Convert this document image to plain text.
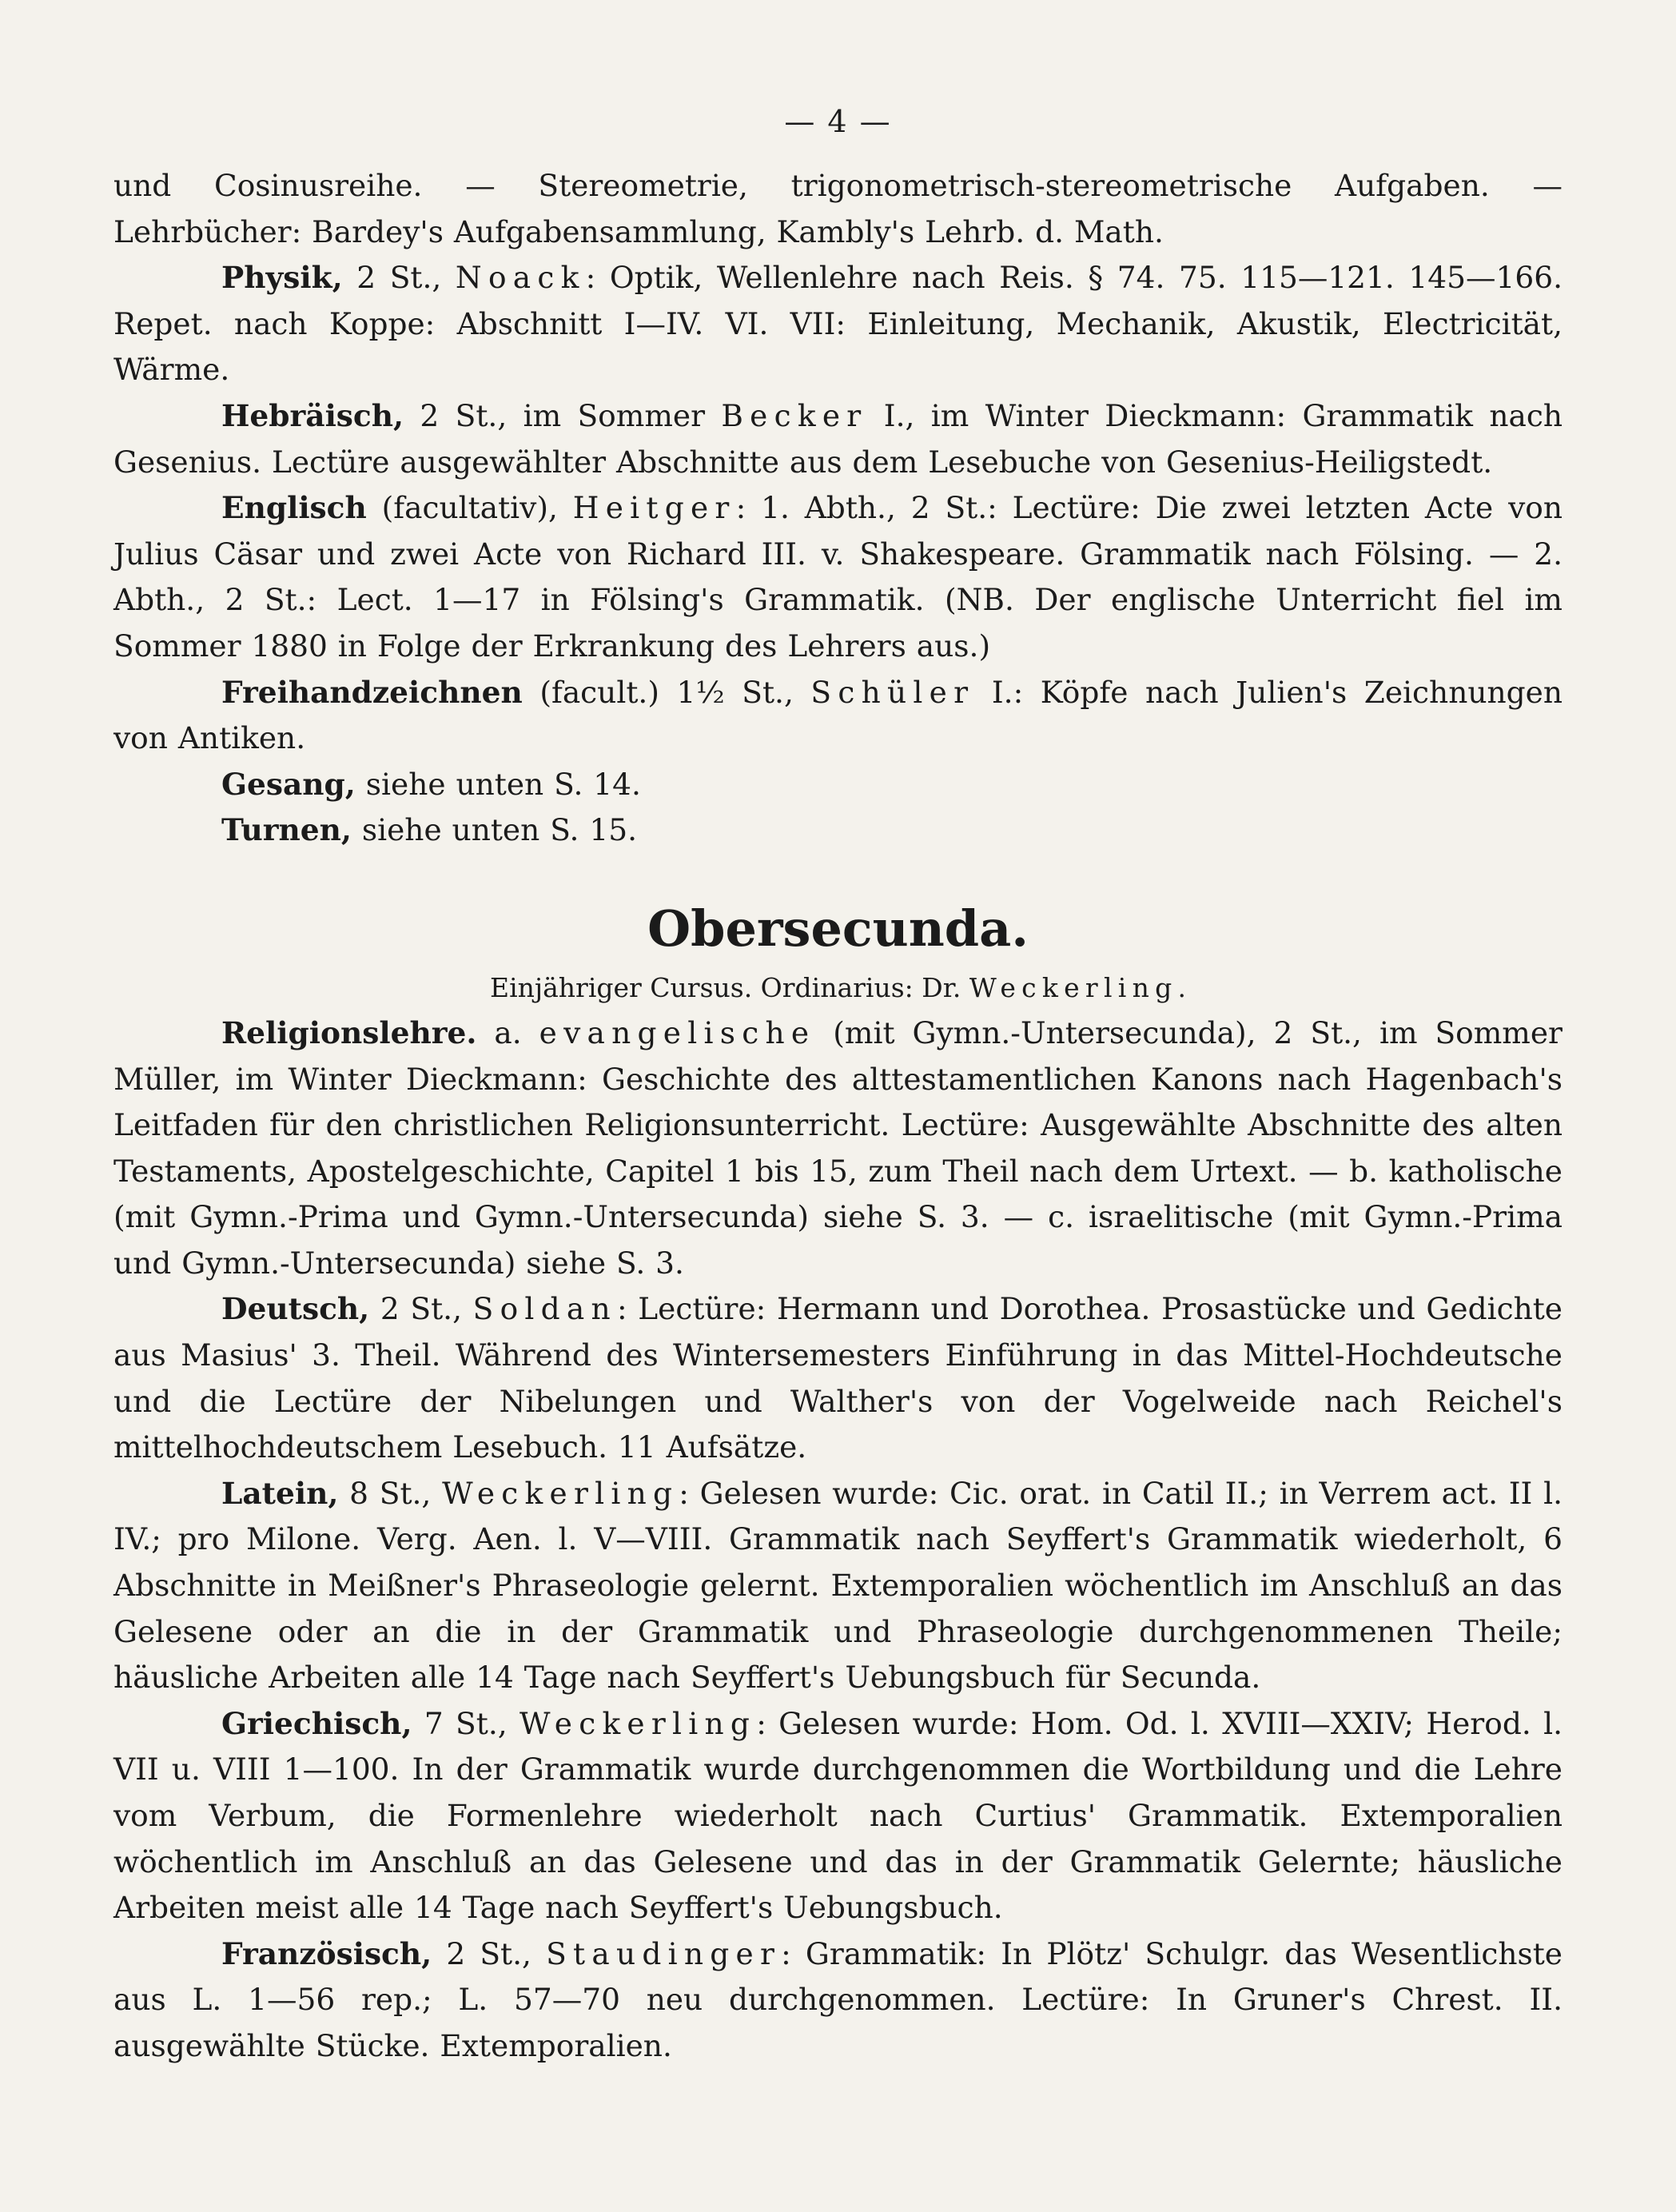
— 4 —

und Cosinusreihe. — Stereometrie, trigonometrisch-stereometrische Aufgaben. — Lehrbücher: Bardey's Aufgabensammlung, Kambly's Lehrb. d. Math.

Physik, 2 St., Noack: Optik, Wellenlehre nach Reis. § 74. 75. 115—121. 145—166. Repet. nach Koppe: Abschnitt I—IV. VI. VII: Einleitung, Mechanik, Akustik, Electricität, Wärme.

Hebräisch, 2 St., im Sommer Becker I., im Winter Dieckmann: Grammatik nach Gesenius. Lectüre ausgewählter Abschnitte aus dem Lesebuche von Gesenius-Heiligstedt.

Englisch (facultativ), Heitger: 1. Abth., 2 St.: Lectüre: Die zwei letzten Acte von Julius Cäsar und zwei Acte von Richard III. v. Shakespeare. Grammatik nach Fölsing. — 2. Abth., 2 St.: Lect. 1—17 in Fölsing's Grammatik. (NB. Der englische Unterricht fiel im Sommer 1880 in Folge der Erkrankung des Lehrers aus.)

Freihandzeichnen (facult.) 1½ St., Schüler I.: Köpfe nach Julien's Zeichnungen von Antiken.

Gesang, siehe unten S. 14.

Turnen, siehe unten S. 15.

Obersecunda.
Einjähriger Cursus. Ordinarius: Dr. Weckerling.

Religionslehre. a. evangelische (mit Gymn.-Untersecunda), 2 St., im Sommer Müller, im Winter Dieckmann: Geschichte des alttestamentlichen Kanons nach Hagenbach's Leitfaden für den christlichen Religionsunterricht. Lectüre: Ausgewählte Abschnitte des alten Testaments, Apostelgeschichte, Capitel 1 bis 15, zum Theil nach dem Urtext. — b. katholische (mit Gymn.-Prima und Gymn.-Untersecunda) siehe S. 3. — c. israelitische (mit Gymn.-Prima und Gymn.-Untersecunda) siehe S. 3.

Deutsch, 2 St., Soldan: Lectüre: Hermann und Dorothea. Prosastücke und Gedichte aus Masius' 3. Theil. Während des Wintersemesters Einführung in das Mittel-Hochdeutsche und die Lectüre der Nibelungen und Walther's von der Vogelweide nach Reichel's mittelhochdeutschem Lesebuch. 11 Aufsätze.

Latein, 8 St., Weckerling: Gelesen wurde: Cic. orat. in Catil II.; in Verrem act. II l. IV.; pro Milone. Verg. Aen. l. V—VIII. Grammatik nach Seyffert's Grammatik wiederholt, 6 Abschnitte in Meißner's Phraseologie gelernt. Extemporalien wöchentlich im Anschluß an das Gelesene oder an die in der Grammatik und Phraseologie durchgenommenen Theile; häusliche Arbeiten alle 14 Tage nach Seyffert's Uebungsbuch für Secunda.

Griechisch, 7 St., Weckerling: Gelesen wurde: Hom. Od. l. XVIII—XXIV; Herod. l. VII u. VIII 1—100. In der Grammatik wurde durchgenommen die Wortbildung und die Lehre vom Verbum, die Formenlehre wiederholt nach Curtius' Grammatik. Extemporalien wöchentlich im Anschluß an das Gelesene und das in der Grammatik Gelernte; häusliche Arbeiten meist alle 14 Tage nach Seyffert's Uebungsbuch.

Französisch, 2 St., Staudinger: Grammatik: In Plötz' Schulgr. das Wesentlichste aus L. 1—56 rep.; L. 57—70 neu durchgenommen. Lectüre: In Gruner's Chrest. II. ausgewählte Stücke. Extemporalien.
